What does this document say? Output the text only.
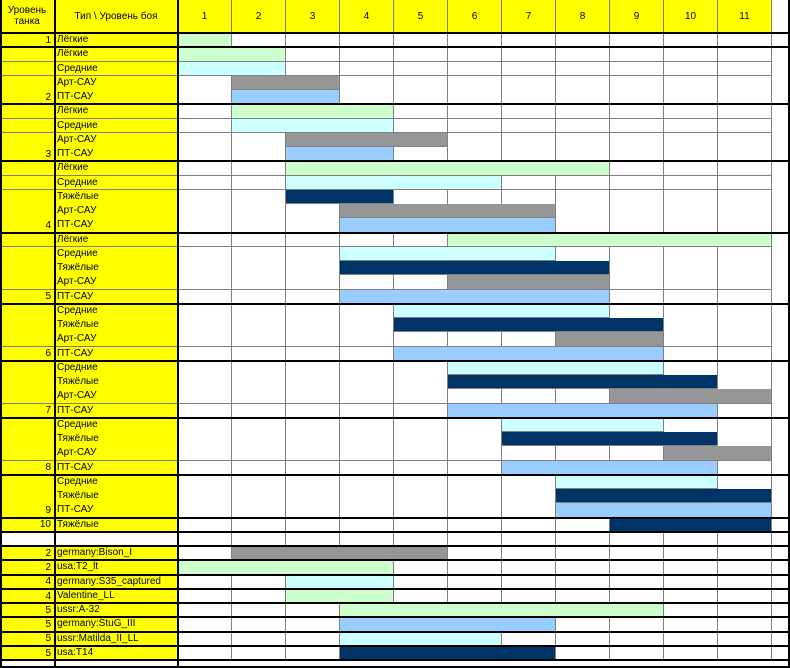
Уровень танка	Тип \ Уровень боя	1	2	3	4	5	6	7	8	9	10	11
1 Лёгкие
Лёгкие
Средние
Арт-САУ
2 ПТ-САУ
Лёгкие
Средние
Арт-САУ
3 ПТ-САУ
Лёгкие
Средние
Тяжёлые
Арт-САУ
4 ПТ-САУ
Лёгкие
Средние
Тяжёлые
Арт-САУ
5 ПТ-САУ
Средние
Тяжёлые
Арт-САУ
6 ПТ-САУ
Средние
Тяжёлые
Арт-САУ
7 ПТ-САУ
Средние
Тяжёлые
Арт-САУ
8 ПТ-САУ
Средние
Тяжёлые
9 ПТ-САУ
10 Тяжёлые
2 germany:Bison_I
2 usa:T2_lt
4 germany:S35_captured
4 Valentine_LL
5 ussr:A-32
5 germany:StuG_III
5 ussr:Matilda_II_LL
5 usa:T14
